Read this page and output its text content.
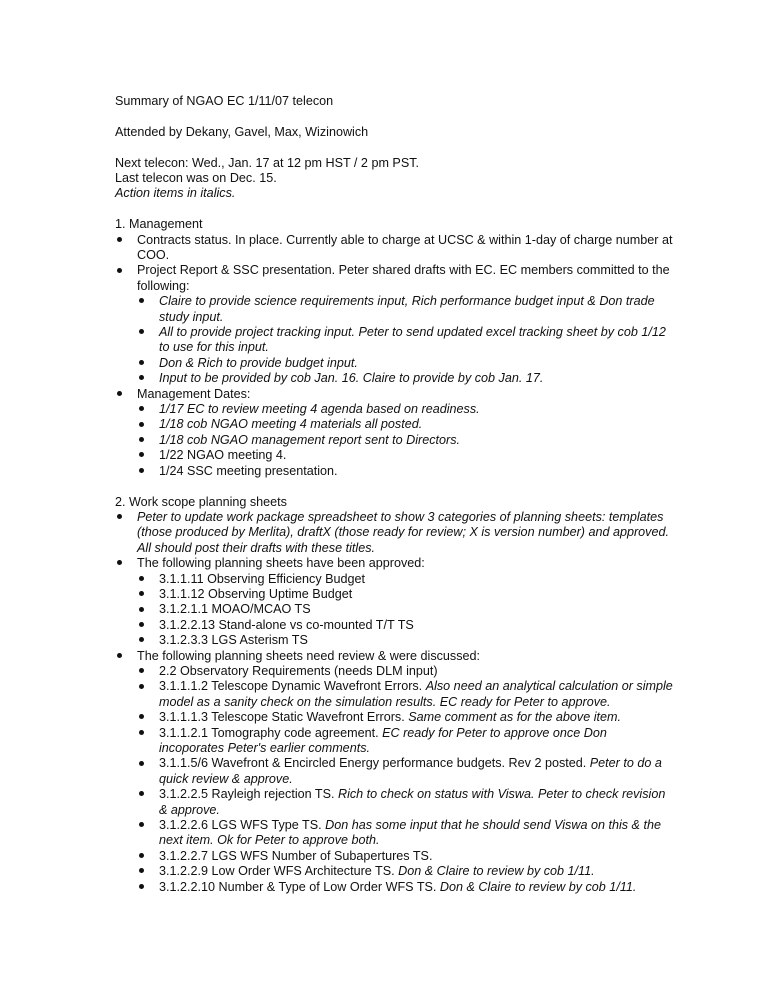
Summary of NGAO EC 1/11/07 telecon

Attended by Dekany, Gavel, Max, Wizinowich

Next telecon: Wed., Jan. 17 at 12 pm HST / 2 pm PST.

Last telecon was on Dec. 15.

Action items in italics.

1. Management

Contracts status. In place. Currently able to charge at UCSC & within 1-day of charge number at COO.
Project Report & SSC presentation. Peter shared drafts with EC. EC members committed to the following:
Claire to provide science requirements input, Rich performance budget input & Don trade study input.
All to provide project tracking input. Peter to send updated excel tracking sheet by cob 1/12 to use for this input.
Don & Rich to provide budget input.
Input to be provided by cob Jan. 16. Claire to provide by cob Jan. 17.
Management Dates:
1/17 EC to review meeting 4 agenda based on readiness.
1/18 cob NGAO meeting 4 materials all posted.
1/18 cob NGAO management report sent to Directors.
1/22 NGAO meeting 4.
1/24 SSC meeting presentation.

2. Work scope planning sheets

Peter to update work package spreadsheet to show 3 categories of planning sheets: templates (those produced by Merlita), draftX (those ready for review; X is version number) and approved. All should post their drafts with these titles.
The following planning sheets have been approved:
3.1.1.11 Observing Efficiency Budget
3.1.1.12 Observing Uptime Budget
3.1.2.1.1 MOAO/MCAO TS
3.1.2.2.13 Stand-alone vs co-mounted T/T TS
3.1.2.3.3 LGS Asterism TS
The following planning sheets need review & were discussed:
2.2 Observatory Requirements (needs DLM input)
3.1.1.1.2 Telescope Dynamic Wavefront Errors. Also need an analytical calculation or simple model as a sanity check on the simulation results. EC ready for Peter to approve.
3.1.1.1.3 Telescope Static Wavefront Errors. Same comment as for the above item.
3.1.1.2.1 Tomography code agreement. EC ready for Peter to approve once Don incoporates Peter's earlier comments.
3.1.1.5/6 Wavefront & Encircled Energy performance budgets. Rev 2 posted. Peter to do a quick review & approve.
3.1.2.2.5 Rayleigh rejection TS. Rich to check on status with Viswa. Peter to check revision & approve.
3.1.2.2.6 LGS WFS Type TS. Don has some input that he should send Viswa on this & the next item. Ok for Peter to approve both.
3.1.2.2.7 LGS WFS Number of Subapertures TS.
3.1.2.2.9 Low Order WFS Architecture TS. Don & Claire to review by cob 1/11.
3.1.2.2.10 Number & Type of Low Order WFS TS. Don & Claire to review by cob 1/11.
